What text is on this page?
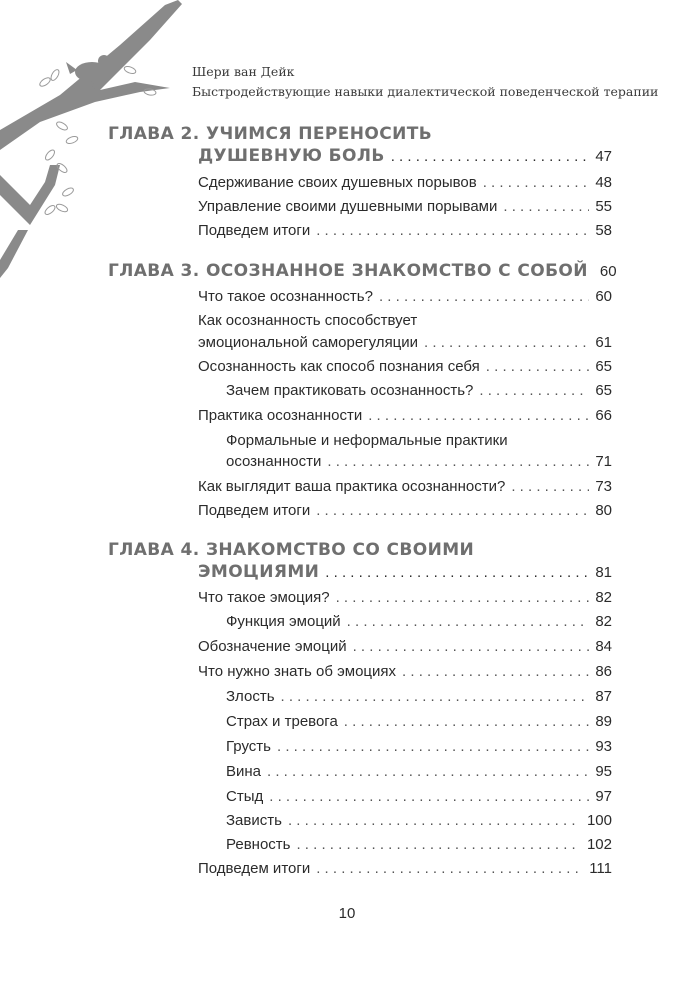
Шери ван Дейк
Быстродействующие навыки диалектической поведенческой терапии
ГЛАВА 2. УЧИМСЯ ПЕРЕНОСИТЬ
ДУШЕВНУЮ БОЛЬ . . .	47
Сдерживание своих душевных порывов . . .	48
Управление своими душевными порывами . . .	55
Подведем итоги . . .	58
ГЛАВА 3. ОСОЗНАННОЕ ЗНАКОМСТВО С СОБОЙ 60
Что такое осознанность? . . .	60
Как осознанность способствует
эмоциональной саморегуляции . . .	61
Осознанность как способ познания себя . . .	65
Зачем практиковать осознанность? . . .	65
Практика осознанности . . .	66
Формальные и неформальные практики
осознанности . . .	71
Как выглядит ваша практика осознанности? . . .	73
Подведем итоги . . .	80
ГЛАВА 4. ЗНАКОМСТВО СО СВОИМИ
ЭМОЦИЯМИ . . .	81
Что такое эмоция? . . .	82
Функция эмоций . . .	82
Обозначение эмоций . . .	84
Что нужно знать об эмоциях . . .	86
Злость . . .	87
Страх и тревога . . .	89
Грусть . . .	93
Вина . . .	95
Стыд . . .	97
Зависть . . .	100
Ревность . . .	102
Подведем итоги . . .	111
10
